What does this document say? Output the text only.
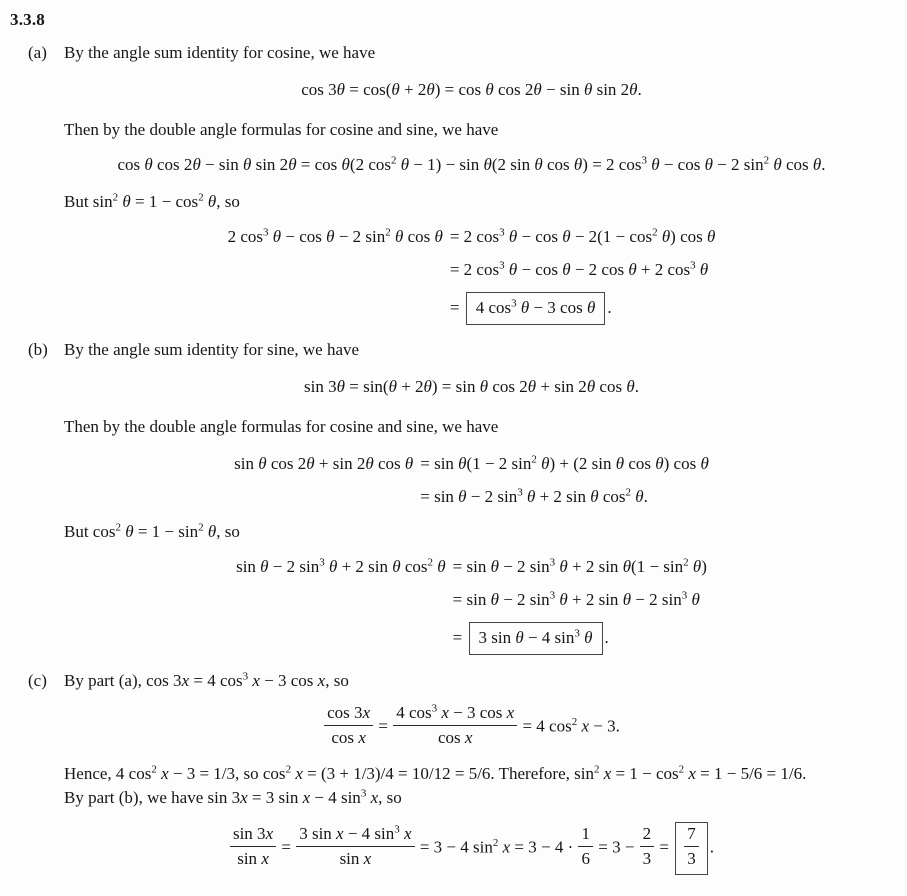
3.3.8
(a) By the angle sum identity for cosine, we have

cos 3θ = cos(θ + 2θ) = cos θ cos 2θ − sin θ sin 2θ.

Then by the double angle formulas for cosine and sine, we have

cos θ cos 2θ − sin θ sin 2θ = cos θ(2 $\cos^2 \theta - 1) - \sin \theta(2$ sin θ cos θ) = 2 $\cos^3 \theta - \cos \theta - 2$ $\sin^2 \theta$ cos θ.

But $\sin^2 \theta = 1 - \cos^2 \theta$, so

2 $\cos^3 \theta - \cos \theta - 2$ $\sin^2 \theta$ cos θ = 2 $\cos^3 \theta - \cos \theta - 2(1 - \cos^2 \theta)$ cos θ
= 2 $\cos^3 \theta - \cos \theta - 2$ cos θ + 2 $\cos^3 \theta$
= 4 $\cos^3 \theta - 3$ cos θ .
(b) By the angle sum identity for sine, we have

sin 3θ = sin(θ + 2θ) = sin θ cos 2θ + sin 2θ cos θ.

Then by the double angle formulas for cosine and sine, we have

sin θ cos 2θ + sin 2θ cos θ = sin θ(1 − 2 $\sin^2 \theta) + (2$ sin θ cos θ) cos θ
= sin θ − 2 $\sin^3 \theta + 2$ sin θ $\cos^2 \theta$.

But $\cos^2 \theta = 1 - \sin^2 \theta$, so

sin θ − 2 $\sin^3 \theta + 2$ sin θ $\cos^2 \theta = \sin \theta - 2$ $\sin^3 \theta + 2$ $\sin \theta(1 - \sin^2 \theta)$
= sin θ − 2 $\sin^3 \theta + 2$ sin θ − 2 $\sin^3 \theta$
= 3 sin θ − 4 $\sin^3 \theta$ .
(c) By part (a), cos 3x = 4 $\cos^3 x - 3$ cos x, so

$\frac{\cos 3x}{\text{cos x}} = \frac{4 \cos^3 x - 3 \cos x}{\text{cos x}} = 4$ $\cos^2 x - 3$.

Hence, 4 $\cos^2 x - 3 = 1/3$, so $\cos^2 x = (3 + 1/3)/4 = 10/12 = 5/6$. Therefore, $\sin^2 x = 1 - \cos^2 x = 1 - 5/6 = 1/6$.

By part (b), we have sin 3x = 3 sin x − 4 $\sin^3 x$, so

$\frac{\sin 3x}{\text{sin x}} = \frac{3 \sin x - 4 \sin^3 x}{\text{sin x}} = 3 - 4$ $\sin^2 x = 3 - 4 \cdot \frac{1}{6} = 3 - \frac{2}{3} = \frac{7}{3}$ .
